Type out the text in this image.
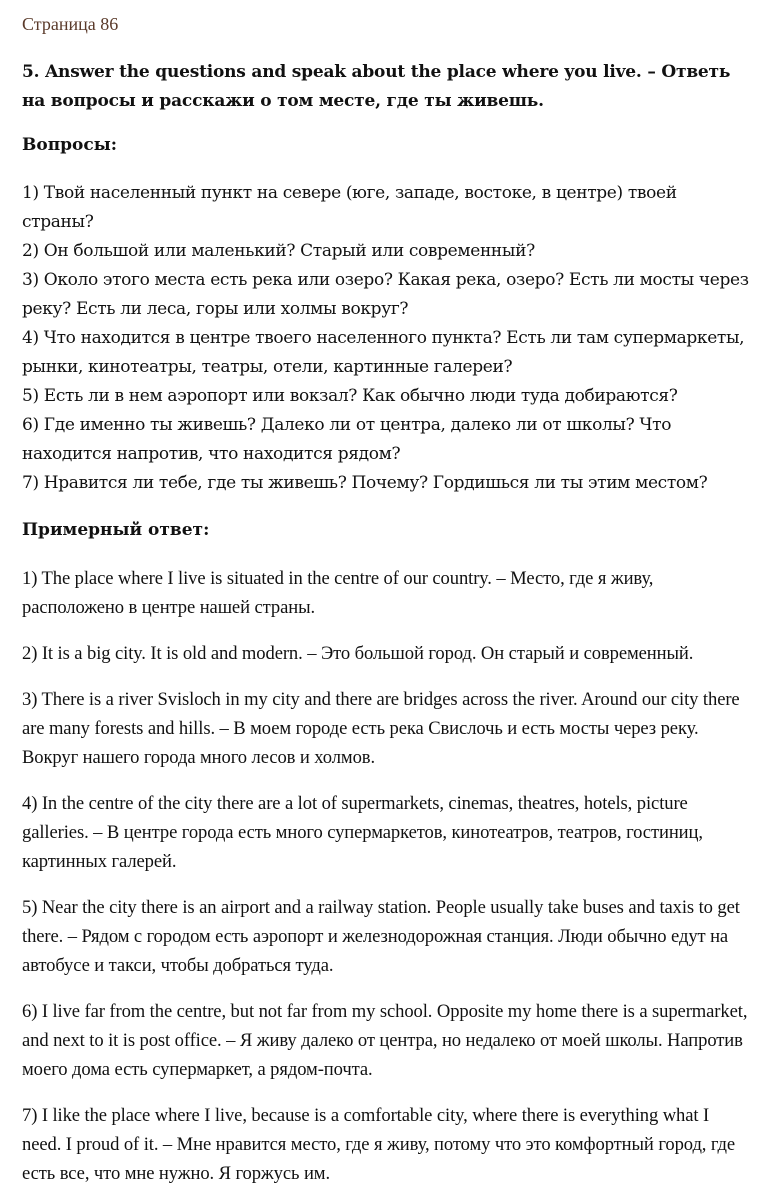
Страница 86
5. Answer the questions and speak about the place where you live. – Ответь на вопросы и расскажи о том месте, где ты живешь.
Вопросы:
1) Твой населенный пункт на севере (юге, западе, востоке, в центре) твоей страны?
2) Он большой или маленький? Старый или современный?
3) Около этого места есть река или озеро? Какая река, озеро? Есть ли мосты через реку? Есть ли леса, горы или холмы вокруг?
4) Что находится в центре твоего населенного пункта? Есть ли там супермаркеты, рынки, кинотеатры, театры, отели, картинные галереи?
5) Есть ли в нем аэропорт или вокзал? Как обычно люди туда добираются?
6) Где именно ты живешь? Далеко ли от центра, далеко ли от школы? Что находится напротив, что находится рядом?
7) Нравится ли тебе, где ты живешь? Почему? Гордишься ли ты этим местом?
Примерный ответ:
1) The place where I live is situated in the centre of our country. – Место, где я живу, расположено в центре нашей страны.
2) It is a big city. It is old and modern. – Это большой город. Он старый и современный.
3) There is a river Svisloch in my city and there are bridges across the river. Around our city there are many forests and hills. – В моем городе есть река Свислочь и есть мосты через реку. Вокруг нашего города много лесов и холмов.
4) In the centre of the city there are a lot of supermarkets, cinemas, theatres, hotels, picture galleries. – В центре города есть много супермаркетов, кинотеатров, театров, гостиниц, картинных галерей.
5) Near the city there is an airport and a railway station. People usually take buses and taxis to get there. – Рядом с городом есть аэропорт и железнодорожная станция. Люди обычно едут на автобусе и такси, чтобы добраться туда.
6) I live far from the centre, but not far from my school. Opposite my home there is a supermarket, and next to it is post office. – Я живу далеко от центра, но недалеко от моей школы. Напротив моего дома есть супермаркет, а рядом-почта.
7) I like the place where I live, because is a comfortable city, where there is everything what I need. I proud of it. – Мне нравится место, где я живу, потому что это комфортный город, где есть все, что мне нужно. Я горжусь им.
